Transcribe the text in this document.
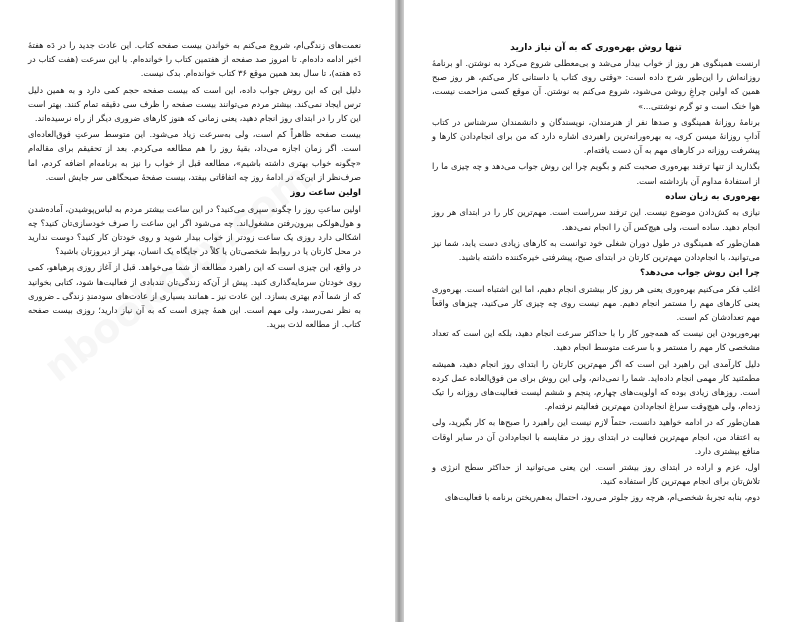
نعمت‌های زندگی‌ام، شروع می‌کنم به خواندن بیست صفحه کتاب. این عادت جدید را در دَه هفته‌ٔ اخیر ادامه داده‌ام. تا امروز صد صفحه از هفتمین کتاب را خوانده‌ام. با این سرعت (هفت کتاب در دَه هفته)، تا سال بعد همین موقع ۳۶ کتاب خوانده‌ام. بدک نیست.

دلیل این که این روش جواب داده، این است که بیست صفحه حجم کمی دارد و به همین دلیل ترس ایجاد نمی‌کند. بیشتر مردم می‌توانند بیست صفحه را ظرف سی دقیقه تمام کنند. بهتر است این کار را در ابتدای روز انجام دهید، یعنی زمانی که هنوز کارهای ضروری دیگر از راه نرسیده‌اند.

بیست صفحه ظاهراً کم است، ولی به‌سرعت زیاد می‌شود. این متوسط سرعتِ فوق‌العاده‌ای است. اگر زمان اجازه می‌داد، بقیهٔ روز را هم مطالعه می‌کردم. بعد از تحقیقم برای مقاله‌ام «چگونه خواب بهتری داشته باشیم»، مطالعه قبل از خواب را نیز به برنامه‌ام اضافه کردم، اما صرف‌نظر از این‌که در ادامهٔ روز چه اتفاقاتی بیفتد، بیست صفحهٔ صبحگاهی سر جایش است.

اولین ساعت روز

اولین ساعتِ روز را چگونه سپری می‌کنید؟ در این ساعت بیشتر مردم به لباس‌پوشیدن، آماده‌شدن و هول‌هولکی بیرون‌رفتن مشغول‌اند. چه می‌شود اگر این ساعت را صرف خودسازی‌تان کنید؟ چه اشکالی دارد روزی یک ساعت زودتر از خواب بیدار شوید و روی خودتان کار کنید؟ دوست ندارید در محل کارتان یا در روابط شخصی‌تان یا کلاً در جایگاه یک انسان، بهتر از دیروزتان باشید؟

در واقع، این چیزی است که این راهبرد مطالعه از شما می‌خواهد. قبل از آغاز روزی پرهیاهو، کمی روی خودتان سرمایه‌گذاری کنید. پیش از آن‌که زندگی‌تان تندبادی از فعالیت‌ها شود، کتابی بخوانید که از شما آدم بهتری بسازد. این عادت نیز ـ همانند بسیاری از عادت‌های سودمندِ زندگی ـ ضروری به نظر نمی‌رسد، ولی مهم است. این همهٔ چیزی است که به آن نیاز دارید؛ روزی بیست صفحه کتاب. از مطالعه لذت ببرید.

تنها روش بهره‌وری که به آن نیاز دارید

ارنست همینگوی هر روز از خواب بیدار می‌شد و بی‌معطلی شروع می‌کرد به نوشتن. او برنامهٔ روزانه‌اش را این‌طور شرح داده است: «وقتی روی کتاب یا داستانی کار می‌کنم، هر روز صبح همین که اولین چراغِ روشن می‌شود، شروع می‌کنم به نوشتن. آن موقع کسی مزاحمت نیست، هوا خنک است و تو گرم نوشتنی...»

برنامهٔ روزانهٔ همینگوی و صدها نفر از هنرمندان، نویسندگان و دانشمندان سرشناس در کتاب آدابِ روزانهٔ میسن کری، به بهره‌ورانه‌ترین راهبردی اشاره دارد که من برای انجام‌دادن کارها و پیشرفت روزانه در کارهای مهم به آن دست یافته‌ام.

بگذارید از تنها ترفند بهره‌وری صحبت کنم و بگویم چرا این روش جواب می‌دهد و چه چیزی ما را از استفادهٔ مداوم آن بازداشته است.

بهره‌وری به زبان ساده

نیازی به کش‌دادن موضوع نیست. این ترفند سرراست است. مهم‌ترین کار را در ابتدای هر روز انجام دهید. ساده است، ولی هیچ‌کس آن را انجام نمی‌دهد.

همان‌طور که همینگوی در طول دوران شغلی خود توانست به کارهای زیادی دست یابد، شما نیز می‌توانید، با انجام‌دادن مهم‌ترین کارتان در ابتدای صبح، پیشرفتی خیره‌کننده داشته باشید.

چرا این روش جواب می‌دهد؟

اغلب فکر می‌کنیم بهره‌وری یعنی هر روز کار بیشتری انجام دهیم، اما این اشتباه است. بهره‌وری یعنی کارهای مهم را مستمر انجام دهیم. مهم نیست روی چه چیزی کار می‌کنید، چیزهای واقعاً مهم تعدادشان کم است.

بهره‌وربودن این نیست که همه‌جور کار را با حداکثر سرعت انجام دهید، بلکه این است که تعداد مشخصی کار مهم را مستمر و با سرعت متوسط انجام دهید.

دلیل کارآمدی این راهبرد این است که اگر مهم‌ترین کارتان را ابتدای روز انجام دهید، همیشه مطمئنید کار مهمی انجام داده‌اید. شما را نمی‌دانم، ولی این روش برای من فوق‌العاده عمل کرده است. روزهای زیادی بوده که اولویت‌های چهارم، پنجم و ششم لیست فعالیت‌های روزانه را تیک زده‌ام، ولی هیچ‌وقت سراغ انجام‌دادن مهم‌ترین فعالیتم نرفته‌ام.

همان‌طور که در ادامه خواهید دانست، حتماً لازم نیست این راهبرد را صبح‌ها به کار بگیرید، ولی به اعتقاد من، انجام مهم‌ترین فعالیت در ابتدای روز در مقایسه با انجام‌دادن آن در سایر اوقات منافع بیشتری دارد.

اول، عزم و اراده در ابتدای روز بیشتر است. این یعنی می‌توانید از حداکثر سطح انرژی و تلاش‌تان برای انجام مهم‌ترین کار استفاده کنید.

دوم، بنابه تجربهٔ شخصی‌ام، هرچه روز جلوتر می‌رود، احتمال به‌هم‌ریختن برنامه با فعالیت‌های
